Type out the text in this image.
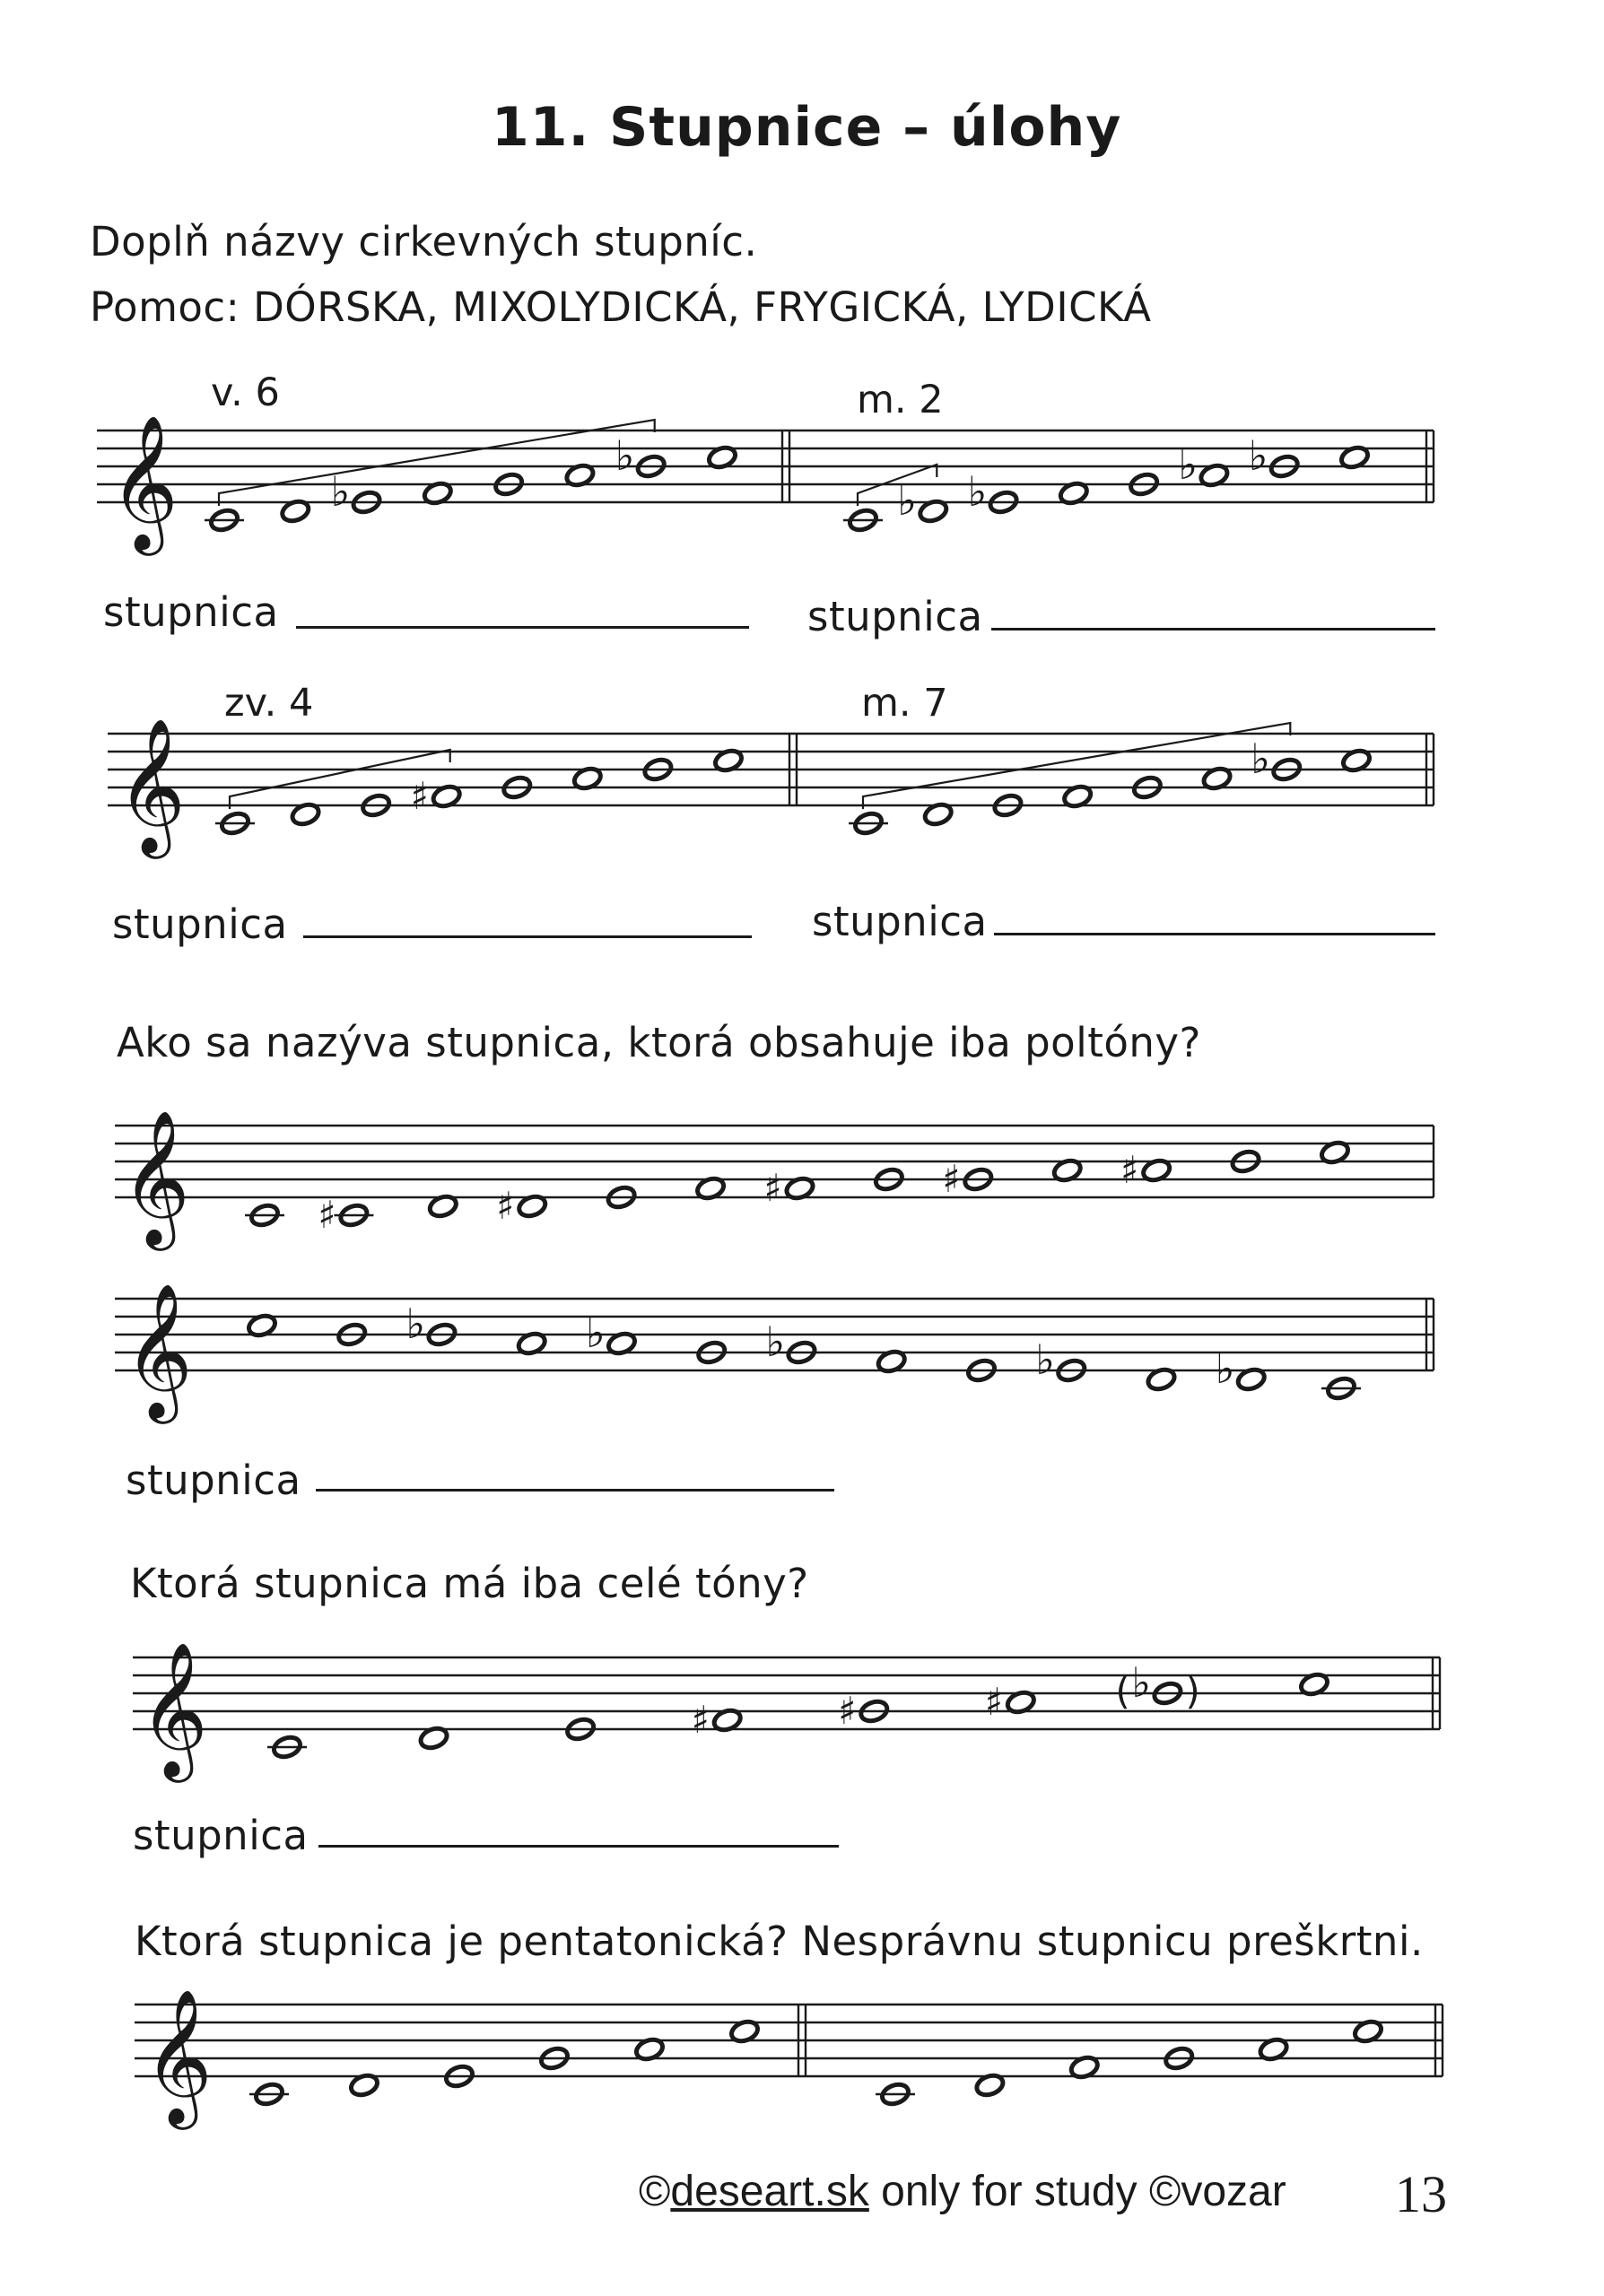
11. Stupnice – úlohy
Doplň názvy cirkevných stupníc.
Pomoc: DÓRSKA, MIXOLYDICKÁ, FRYGICKÁ, LYDICKÁ
v. 6	m. 2
zv. 4	m. 7
stupnica	stupnica
stupnica	stupnica
Ako sa nazýva stupnica, ktorá obsahuje iba poltóny?
stupnica
Ktorá stupnica má iba celé tóny?
stupnica
Ktorá stupnica je pentatonická? Nesprávnu stupnicu preškrtni.
©deseart.sk only for study ©vozar 13
𝄞	♭
♭
♭ ♭
♭ ♭
𝄞	♯
♭
𝄞	♯	♯	♯	♯	♯
𝄞	♭	♭	♭	♭	♭
𝄞	♯	♯	♯	♭
( )
𝄞
